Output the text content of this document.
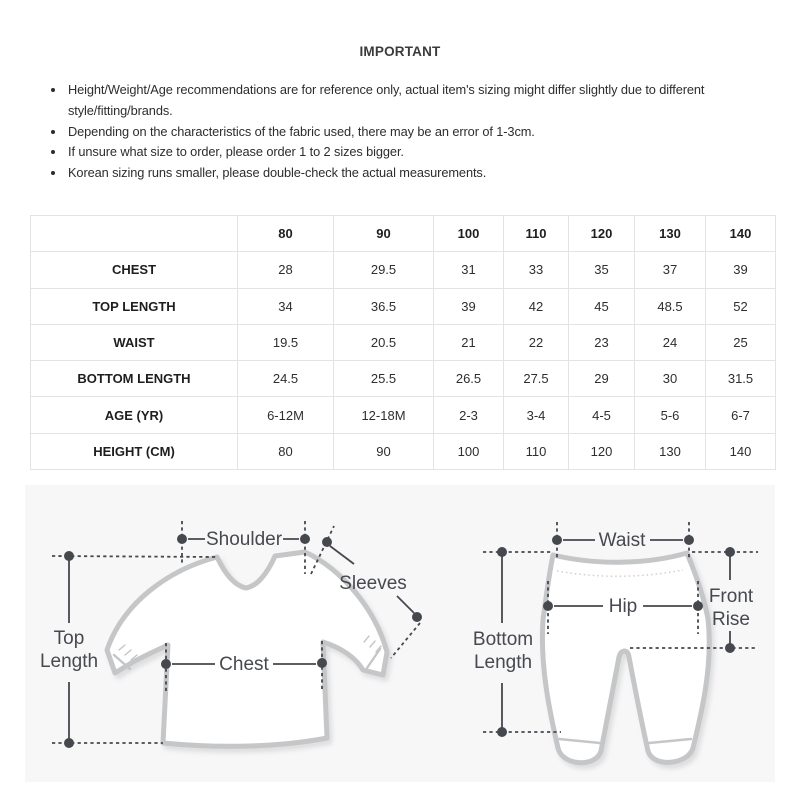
IMPORTANT
• Height/Weight/Age recommendations are for reference only, actual item's sizing might differ slightly due to different style/fitting/brands.
• Depending on the characteristics of the fabric used, there may be an error of 1-3cm.
• If unsure what size to order, please order 1 to 2 sizes bigger.
• Korean sizing runs smaller, please double-check the actual measurements.
	80	90	100	110	120	130	140
CHEST	28	29.5	31	33	35	37	39
TOP LENGTH	34	36.5	39	42	45	48.5	52
WAIST	19.5	20.5	21	22	23	24	25
BOTTOM LENGTH	24.5	25.5	26.5	27.5	29	30	31.5
AGE (YR)	6-12M	12-18M	2-3	3-4	4-5	5-6	6-7
HEIGHT (CM)	80	90	100	110	120	130	140
Shoulder
Sleeves
Top
Length	Chest
Waist
Hip	Front
Rise
Bottom
Length
